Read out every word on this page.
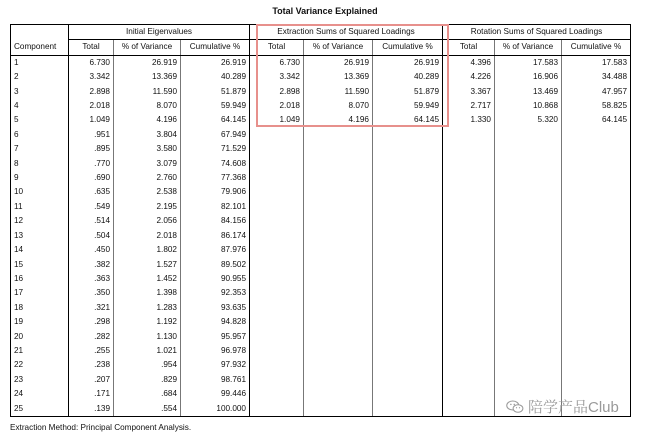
Total Variance Explained
Component	Initial Eigenvalues			Extraction Sums of Squared Loadings			Rotation Sums of Squared Loadings		
	Total	% of Variance	Cumulative %	Total	% of Variance	Cumulative %	Total	% of Variance	Cumulative %
1	6.730	26.919	26.919	6.730	26.919	26.919	4.396	17.583	17.583
2	3.342	13.369	40.289	3.342	13.369	40.289	4.226	16.906	34.488
3	2.898	11.590	51.879	2.898	11.590	51.879	3.367	13.469	47.957
4	2.018	8.070	59.949	2.018	8.070	59.949	2.717	10.868	58.825
5	1.049	4.196	64.145	1.049	4.196	64.145	1.330	5.320	64.145
6	.951	3.804	67.949						
7	.895	3.580	71.529						
8	.770	3.079	74.608						
9	.690	2.760	77.368						
10	.635	2.538	79.906						
11	.549	2.195	82.101						
12	.514	2.056	84.156						
13	.504	2.018	86.174						
14	.450	1.802	87.976						
15	.382	1.527	89.502						
16	.363	1.452	90.955						
17	.350	1.398	92.353						
18	.321	1.283	93.635						
19	.298	1.192	94.828						
20	.282	1.130	95.957						
21	.255	1.021	96.978						
22	.238	.954	97.932						
23	.207	.829	98.761						
24	.171	.684	99.446						
25	.139	.554	100.000						
Extraction Method: Principal Component Analysis.
陪学产品Club
